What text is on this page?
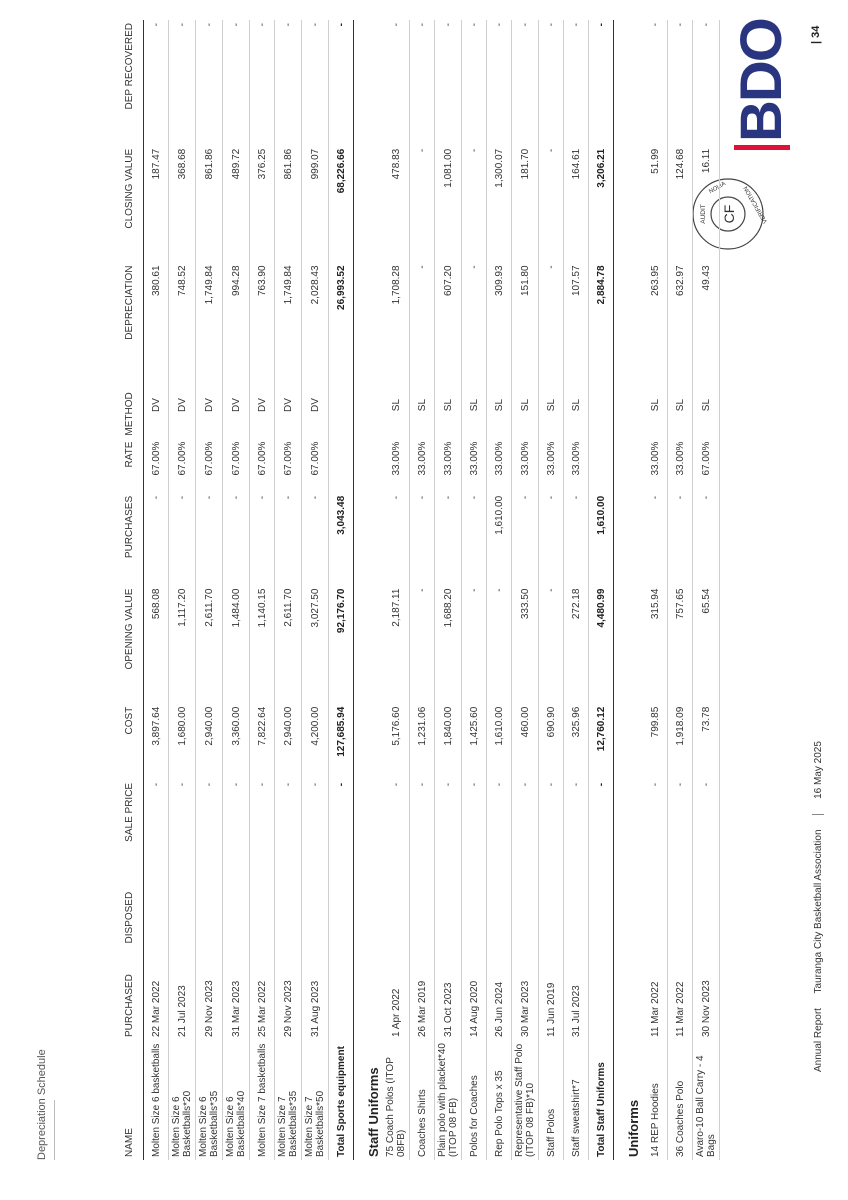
Depreciation Schedule
BDO
CF
AUDIT
NOLIA	VERIFICATION
NAME	PURCHASED	DISPOSED	SALE PRICE	COST	OPENING VALUE	PURCHASES	RATE	METHOD	DEPRECIATION	CLOSING VALUE	DEP RECOVERED
Molten Size 6 basketballs	22 Mar 2022		-	3,897.64	568.08	-	67.00%	DV	380.61	187.47	-
Molten Size 6 Basketballs*20	21 Jul 2023		-	1,680.00	1,117.20	-	67.00%	DV	748.52	368.68	-
Molten Size 6 Basketballs*35	29 Nov 2023		-	2,940.00	2,611.70	-	67.00%	DV	1,749.84	861.86	-
Molten Size 6 Basketballs*40	31 Mar 2023		-	3,360.00	1,484.00	-	67.00%	DV	994.28	489.72	-
Molten Size 7 basketballs	25 Mar 2022		-	7,822.64	1,140.15	-	67.00%	DV	763.90	376.25	-
Molten Size 7 Basketballs*35	29 Nov 2023		-	2,940.00	2,611.70	-	67.00%	DV	1,749.84	861.86	-
Molten Size 7 Basketballs*50	31 Aug 2023		-	4,200.00	3,027.50	-	67.00%	DV	2,028.43	999.07	-
Total Sports equipment			-	127,685.94	92,176.70	3,043.48			26,993.52	68,226.66	-
Staff Uniforms											
75 Coach Polos (ITOP 08FB)	1 Apr 2022		-	5,176.60	2,187.11	-	33.00%	SL	1,708.28	478.83	-
Coaches Shirts	26 Mar 2019		-	1,231.06	-	-	33.00%	SL	-	-	-
Plain polo with placket*40 (ITOP 08 FB)	31 Oct 2023		-	1,840.00	1,688.20	-	33.00%	SL	607.20	1,081.00	-
Polos for Coaches	14 Aug 2020		-	1,425.60	-	-	33.00%	SL	-	-	-
Rep Polo Tops x 35	26 Jun 2024		-	1,610.00	-	1,610.00	33.00%	SL	309.93	1,300.07	-
Representative Staff Polo (ITOP 08 FB)*10	30 Mar 2023		-	460.00	333.50	-	33.00%	SL	151.80	181.70	-
Staff Polos	11 Jun 2019		-	690.90	-	-	33.00%	SL	-	-	-
Staff sweatshirt*7	31 Jul 2023		-	325.96	272.18	-	33.00%	SL	107.57	164.61	-
Total Staff Uniforms			-	12,760.12	4,480.99	1,610.00			2,884.78	3,206.21	-
Uniforms											
14 REP Hoodies	11 Mar 2022		-	799.85	315.94	-	33.00%	SL	263.95	51.99	-
36 Coaches Polo	11 Mar 2022		-	1,918.09	757.65	-	33.00%	SL	632.97	124.68	-
Avaro-10 Ball Carry - 4 Bags	30 Nov 2023		-	73.78	65.54	-	67.00%	SL	49.43	16.11	-
Annual Report Tauranga City Basketball Association  16 May 2025
| 34
